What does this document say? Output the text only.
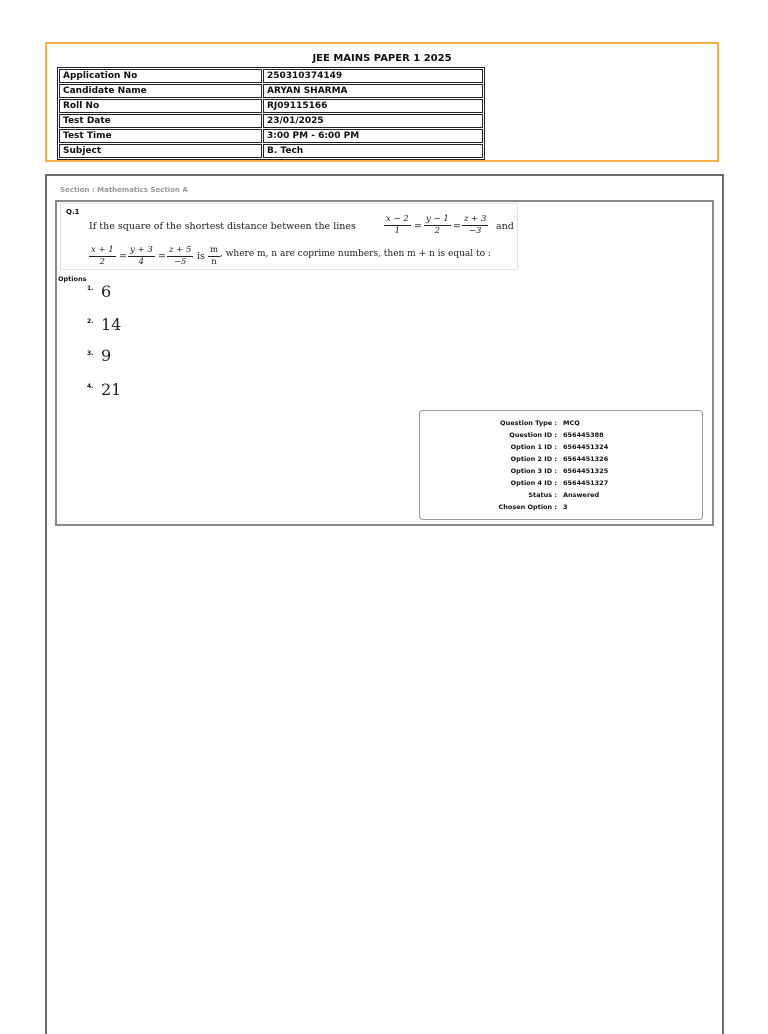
JEE MAINS PAPER 1 2025
Application No	250310374149
Candidate Name	ARYAN SHARMA
Roll No	RJ09115166
Test Date	23/01/2025
Test Time	3:00 PM - 6:00 PM
Subject	B. Tech
Section : Mathematics Section A
Q.1
If the square of the shortest distance between the lines	$\frac{x - 2}{1} = \frac{y - 1}{2} = \frac{z + 3}{-3}$ and
$\frac{x + 1}{2} = \frac{y + 3}{4} = \frac{z + 5}{-5}$ is $\frac{m}{n}$ , where m, n are coprime numbers, then m + n is equal to :
Options
1. 6
2. 14
3. 9
4. 21
Question Type : MCQ
Question ID : 656445388
Option 1 ID : 6564451324
Option 2 ID : 6564451326
Option 3 ID : 6564451325
Option 4 ID : 6564451327
Status : Answered
Chosen Option : 3
